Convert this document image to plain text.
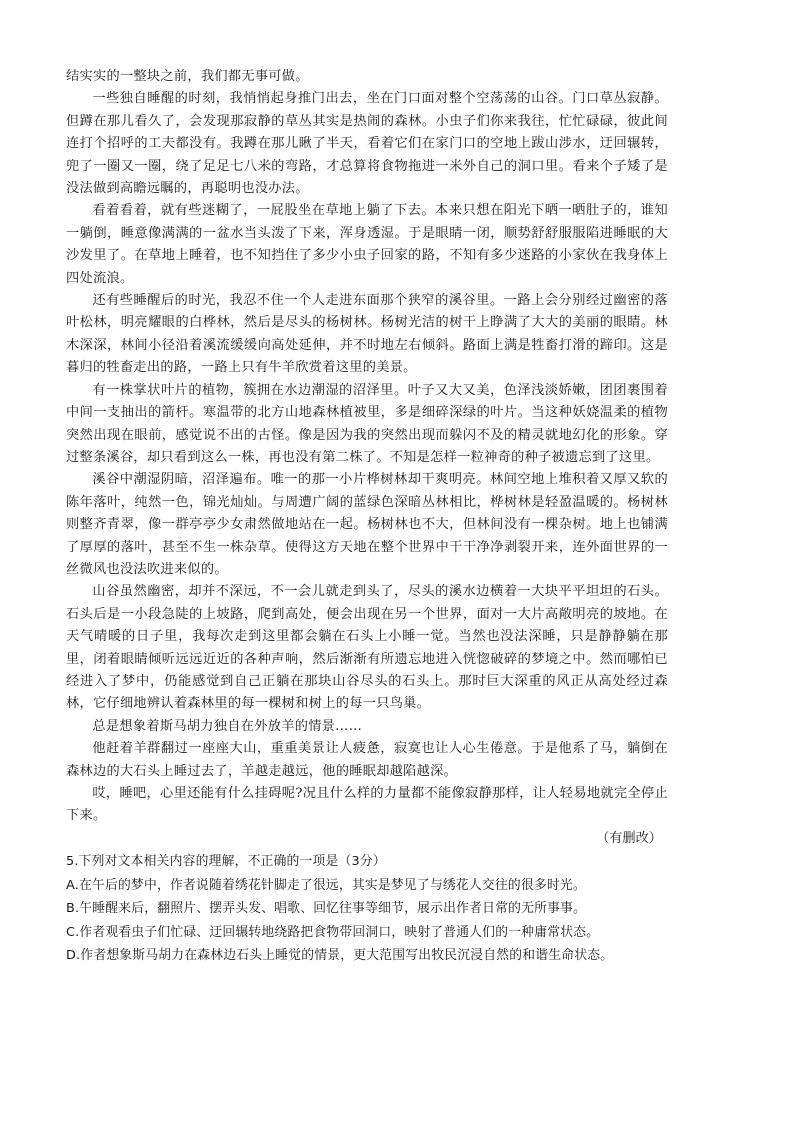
结实实的一整块之前，我们都无事可做。

一些独自睡醒的时刻，我悄悄起身推门出去，坐在门口面对整个空荡荡的山谷。门口草丛寂静。但蹲在那儿看久了，会发现那寂静的草丛其实是热闹的森林。小虫子们你来我往，忙忙碌碌，彼此间连打个招呼的工夫都没有。我蹲在那儿瞅了半天，看着它们在家门口的空地上跋山涉水，迂回辗转，兜了一圈又一圈，绕了足足七八米的弯路，才总算将食物拖进一米外自己的洞口里。看来个子矮了是没法做到高瞻远瞩的，再聪明也没办法。

看着看着，就有些迷糊了，一屁股坐在草地上躺了下去。本来只想在阳光下晒一晒肚子的，谁知一躺倒，睡意像满满的一盆水当头泼了下来，浑身透湿。于是眼睛一闭，顺势舒舒服服陷进睡眠的大沙发里了。在草地上睡着，也不知挡住了多少小虫子回家的路，不知有多少迷路的小家伙在我身体上四处流浪。

还有些睡醒后的时光，我忍不住一个人走进东面那个狭窄的溪谷里。一路上会分别经过幽密的落叶松林，明亮耀眼的白桦林，然后是尽头的杨树林。杨树光洁的树干上睁满了大大的美丽的眼睛。林木深深，林间小径沿着溪流缓缓向高处延伸，并不时地左右倾斜。路面上满是牲畜打滑的蹄印。这是暮归的牲畜走出的路，一路上只有牛羊欣赏着这里的美景。

有一株掌状叶片的植物，簇拥在水边潮湿的沼泽里。叶子又大又美，色泽浅淡娇嫩，团团裹围着中间一支抽出的箭杆。寒温带的北方山地森林植被里，多是细碎深绿的叶片。当这种妖娆温柔的植物突然出现在眼前，感觉说不出的古怪。像是因为我的突然出现而躲闪不及的精灵就地幻化的形象。穿过整条溪谷，却只看到这么一株，再也没有第二株了。不知是怎样一粒神奇的种子被遗忘到了这里。

溪谷中潮湿阴暗，沼泽遍布。唯一的那一小片桦树林却干爽明亮。林间空地上堆积着又厚又软的陈年落叶，纯然一色，锦光灿灿。与周遭广阔的蓝绿色深暗丛林相比，桦树林是轻盈温暖的。杨树林则整齐青翠，像一群亭亭少女肃然做地站在一起。杨树林也不大，但林间没有一棵杂树。地上也铺满了厚厚的落叶，甚至不生一株杂草。使得这方天地在整个世界中干干净净剥裂开来，连外面世界的一丝微风也没法吹进来似的。

山谷虽然幽密，却并不深远，不一会儿就走到头了，尽头的溪水边横着一大块平平坦坦的石头。石头后是一小段急陡的上坡路，爬到高处，便会出现在另一个世界，面对一大片高敞明亮的坡地。在天气晴暖的日子里，我每次走到这里都会躺在石头上小睡一觉。当然也没法深睡，只是静静躺在那里，闭着眼睛倾听远远近近的各种声响，然后渐渐有所遗忘地进入恍惚破碎的梦境之中。然而哪怕已经进入了梦中，仍能感觉到自己正躺在那块山谷尽头的石头上。那时巨大深重的风正从高处经过森林，它仔细地辨认着森林里的每一棵树和树上的每一只鸟巢。

总是想象着斯马胡力独自在外放羊的情景……

他赶着羊群翻过一座座大山，重重美景让人疲惫，寂寞也让人心生倦意。于是他系了马，躺倒在森林边的大石头上睡过去了，羊越走越远，他的睡眠却越陷越深。

哎，睡吧，心里还能有什么挂碍呢?况且什么样的力量都不能像寂静那样，让人轻易地就完全停止下来。

（有删改）

5.下列对文本相关内容的理解，不正确的一项是（3分）

A.在午后的梦中，作者说随着绣花针脚走了很远，其实是梦见了与绣花人交往的很多时光。
B.午睡醒来后，翻照片、摆弄头发、唱歌、回忆往事等细节，展示出作者日常的无所事事。
C.作者观看虫子们忙碌、迂回辗转地绕路把食物带回洞口，映射了普通人们的一种庸常状态。
D.作者想象斯马胡力在森林边石头上睡觉的情景，更大范围写出牧民沉浸自然的和谐生命状态。
